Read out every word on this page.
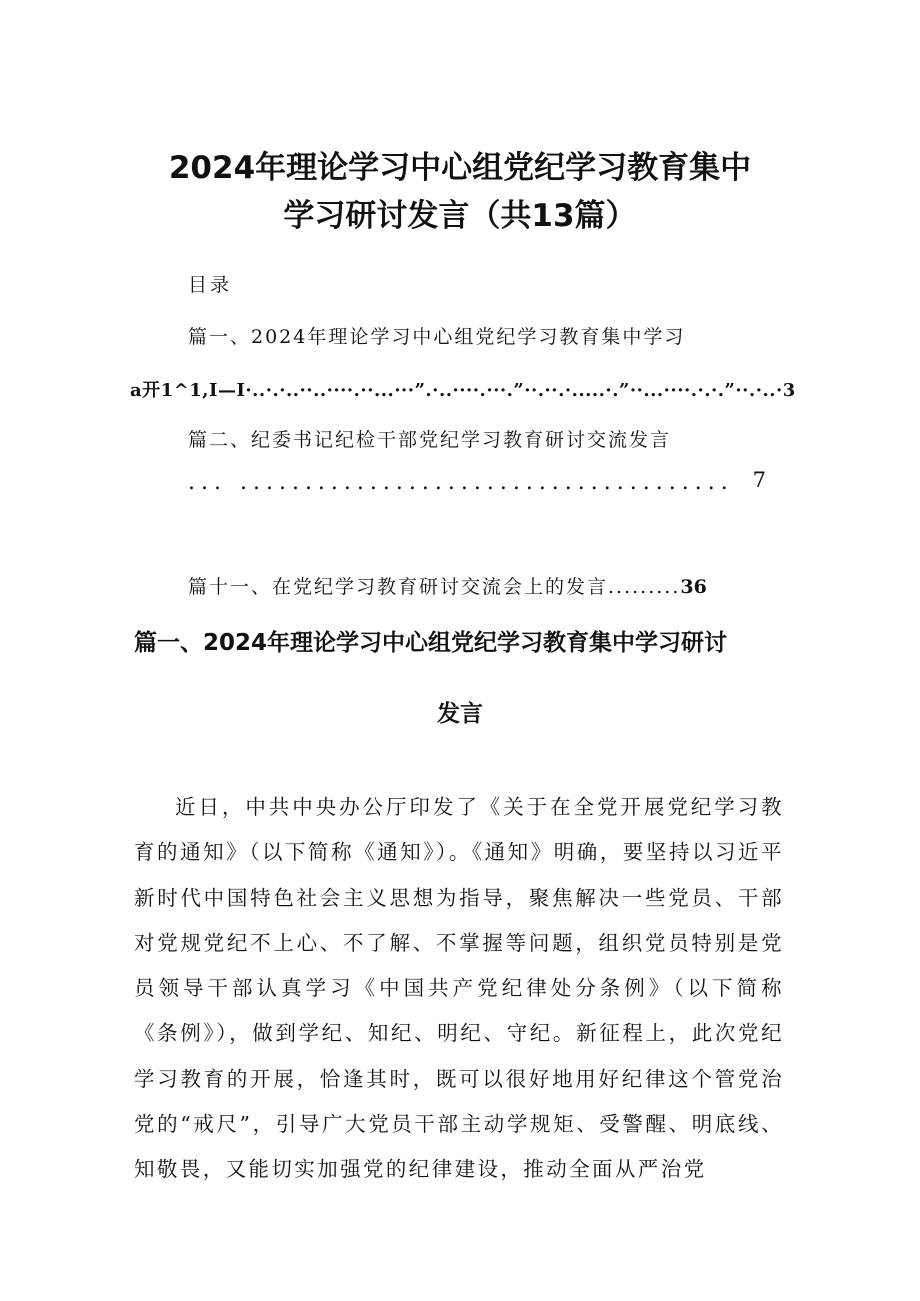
2024年理论学习中心组党纪学习教育集中
学习研讨发言（共13篇）
目录
篇一、2024年理论学习中心组党纪学习教育集中学习
a开1^1,I—I·..·.·..··..····.··...···”.·..····.···.”··.··.·.....·.”··...····.·.·.”··.·..·3
篇二、纪委书记纪检干部党纪学习教育研讨交流发言
... ...................................... 7
篇十一、在党纪学习教育研讨交流会上的发言.........36
篇一、2024年理论学习中心组党纪学习教育集中学习研讨
发言
近日，中共中央办公厅印发了《关于在全党开展党纪学习教育的通知》（以下简称《通知》）。《通知》明确，要坚持以习近平新时代中国特色社会主义思想为指导，聚焦解决一些党员、干部对党规党纪不上心、不了解、不掌握等问题，组织党员特别是党员领导干部认真学习《中国共产党纪律处分条例》（以下简称《条例》），做到学纪、知纪、明纪、守纪。新征程上，此次党纪学习教育的开展，恰逢其时，既可以很好地用好纪律这个管党治党的“戒尺”，引导广大党员干部主动学规矩、受警醒、明底线、知敬畏，又能切实加强党的纪律建设，推动全面从严治党
